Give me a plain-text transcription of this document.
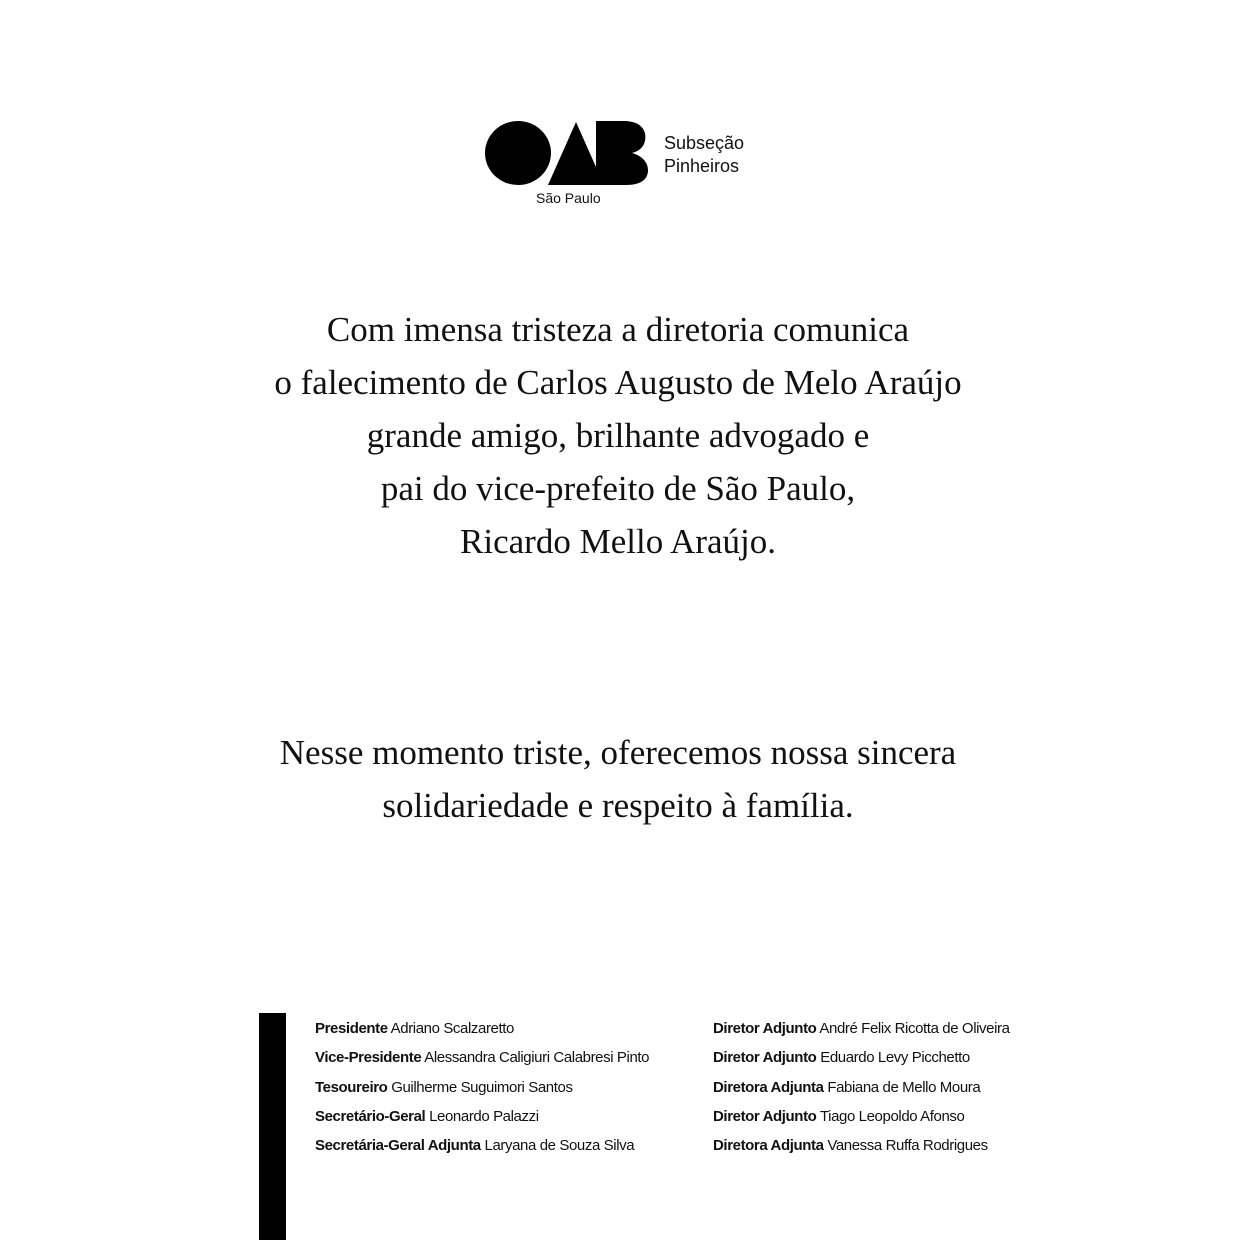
São Paulo
Subseção
Pinheiros
Com imensa tristeza a diretoria comunica
o falecimento de Carlos Augusto de Melo Araújo
grande amigo, brilhante advogado e
pai do vice-prefeito de São Paulo,
Ricardo Mello Araújo.
Nesse momento triste, oferecemos nossa sincera
solidariedade e respeito à família.
Presidente Adriano Scalzaretto
Vice-Presidente Alessandra Caligiuri Calabresi Pinto
Tesoureiro Guilherme Suguimori Santos
Secretário-Geral Leonardo Palazzi
Secretária-Geral Adjunta Laryana de Souza Silva
Diretor Adjunto André Felix Ricotta de Oliveira
Diretor Adjunto Eduardo Levy Picchetto
Diretora Adjunta Fabiana de Mello Moura
Diretor Adjunto Tiago Leopoldo Afonso
Diretora Adjunta Vanessa Ruffa Rodrigues
